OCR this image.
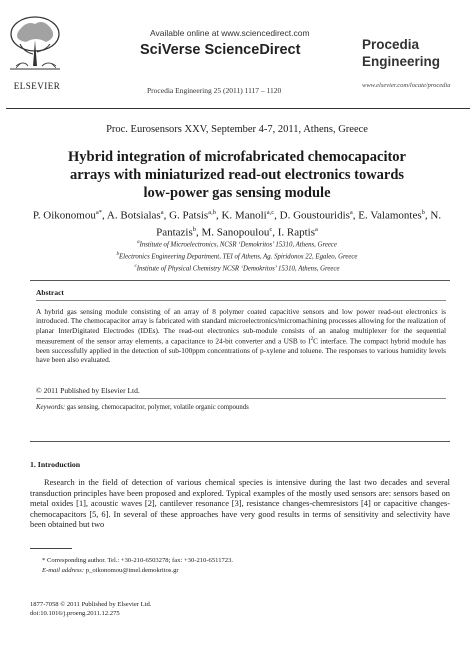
ELSEVIER
Available online at www.sciencedirect.com
SciVerse ScienceDirect
Procedia Engineering 25 (2011) 1117 – 1120
Procedia
Engineering
www.elsevier.com/locate/procedia
Proc. Eurosensors XXV, September 4-7, 2011, Athens, Greece
Hybrid integration of microfabricated chemocapacitor
arrays with miniaturized read-out electronics towards
low-power gas sensing module
P. Oikonomou$^{a*}$, A. Botsialas$^a$, G. Patsis$^{a,b}$, K. Manoli$^{a,c}$, D. Goustouridis$^a$, E. Valamontes$^b$, N. Pantazis$^b$, M. Sanopoulou$^c$, I. Raptis$^a$
$^a$Institute of Microelectronics, NCSR ‘Demokritos’ 15310, Athens, Greece
$^b$Electronics Engineering Department, TEI of Athens, Ag. Spiridonos 22, Egaleo, Greece
$^c$Institute of Physical Chemistry NCSR ‘Demokritos’ 15310, Athens, Greece
Abstract
A hybrid gas sensing module consisting of an array of 8 polymer coated capacitive sensors and low power read-out electronics is introduced. The chemocapacitor array is fabricated with standard microelectronics/micromachining processes allowing for the realization of planar InterDigitated Electrodes (IDEs). The read-out electronics sub-module consists of an analog multiplexer for the sequential measurement of the sensor array elements, a capacitance to 24-bit converter and a USB to $I^2C$ interface. The compact hybrid module has been successfully applied in the detection of sub-100ppm concentrations of p-xylene and toluene. The responses to various humidity levels have been also evaluated.
© 2011 Published by Elsevier Ltd.
Keywords: gas sensing, chemocapacitor, polymer, volatile organic compounds
1. Introduction
Research in the field of detection of various chemical species is intensive during the last two decades and several transduction principles have been proposed and explored. Typical examples of the mostly used sensors are: sensors based on metal oxides [1], acoustic waves [2], cantilever resonance [3], resistance changes-chemresistors [4] or capacitive changes- chemocapacitors [5, 6]. In several of these approaches have very good results in terms of sensitivity and selectivity have been obtained but two
* Corresponding author. Tel.: +30-210-6503278; fax: +30-210-6511723.
E-mail address: p_oikonomou@imel.demokritos.gr
1877-7058 © 2011 Published by Elsevier Ltd.
doi:10.1016/j.proeng.2011.12.275
